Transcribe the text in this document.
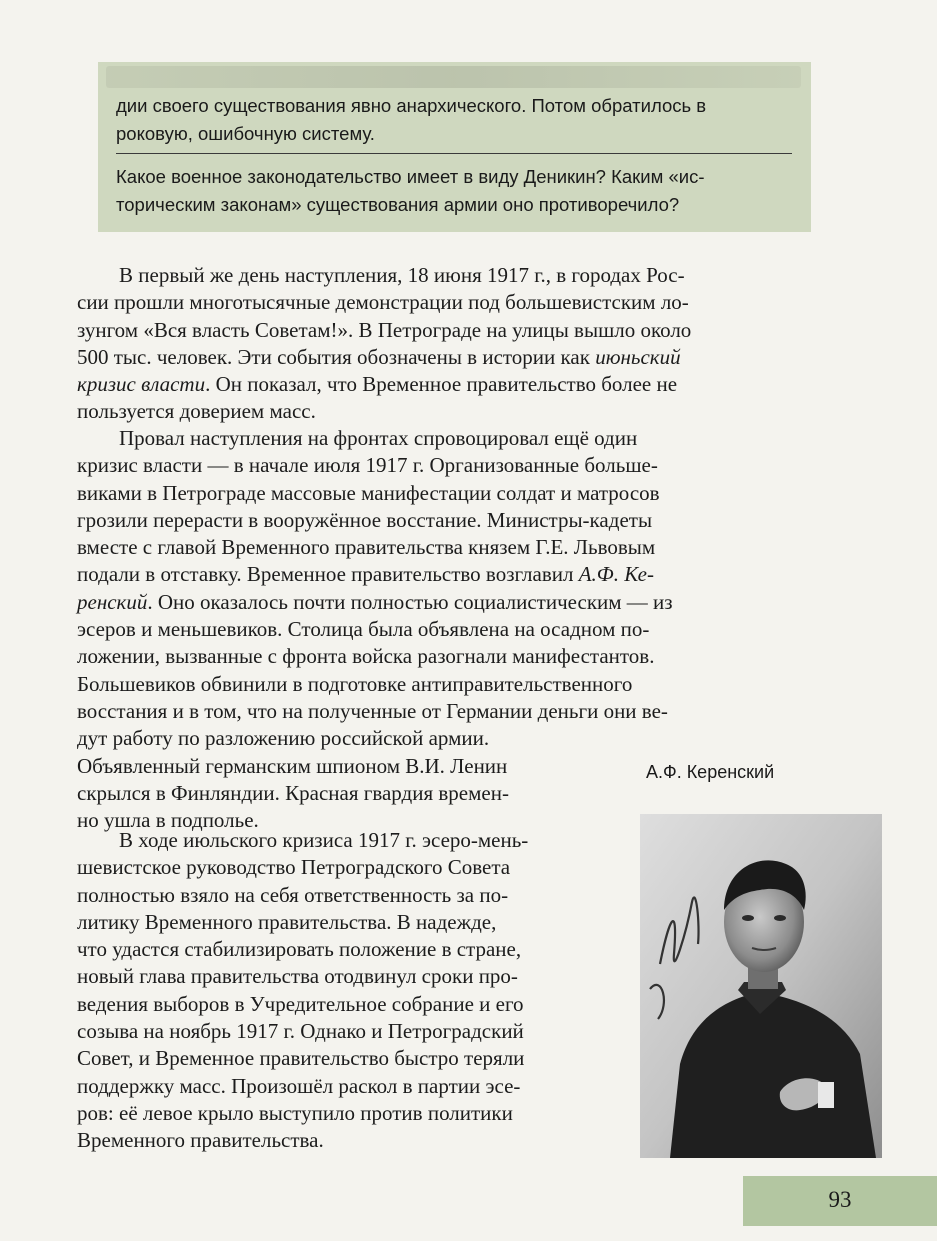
дии своего существования явно анархического. Потом обратилось в
роковую, ошибочную систему.
Какое военное законодательство имеет в виду Деникин? Каким «ис-
торическим законам» существования армии оно противоречило?
В первый же день наступления, 18 июня 1917 г., в городах Рос-
сии прошли многотысячные демонстрации под большевистским ло-
зунгом «Вся власть Советам!». В Петрограде на улицы вышло около
500 тыс. человек. Эти события обозначены в истории как июньский
кризис власти. Он показал, что Временное правительство более не
пользуется доверием масс.
Провал наступления на фронтах спровоцировал ещё один
кризис власти — в начале июля 1917 г. Организованные больше-
виками в Петрограде массовые манифестации солдат и матросов
грозили перерасти в вооружённое восстание. Министры-кадеты
вместе с главой Временного правительства князем Г.Е. Львовым
подали в отставку. Временное правительство возглавил А.Ф. Ке-
ренский. Оно оказалось почти полностью социалистическим — из
эсеров и меньшевиков. Столица была объявлена на осадном по-
ложении, вызванные с фронта войска разогнали манифестантов.
Большевиков обвинили в подготовке антиправительственного
восстания и в том, что на полученные от Германии деньги они ве-
дут работу по разложению российской армии.
Объявленный германским шпионом В.И. Ленин
скрылся в Финляндии. Красная гвардия времен-
но ушла в подполье.
В ходе июльского кризиса 1917 г. эсеро-мень-
шевистское руководство Петроградского Совета
полностью взяло на себя ответственность за по-
литику Временного правительства. В надежде,
что удастся стабилизировать положение в стране,
новый глава правительства отодвинул сроки про-
ведения выборов в Учредительное собрание и его
созыва на ноябрь 1917 г. Однако и Петроградский
Совет, и Временное правительство быстро теряли
поддержку масс. Произошёл раскол в партии эсе-
ров: её левое крыло выступило против политики
Временного правительства.
А.Ф. Керенский
93
